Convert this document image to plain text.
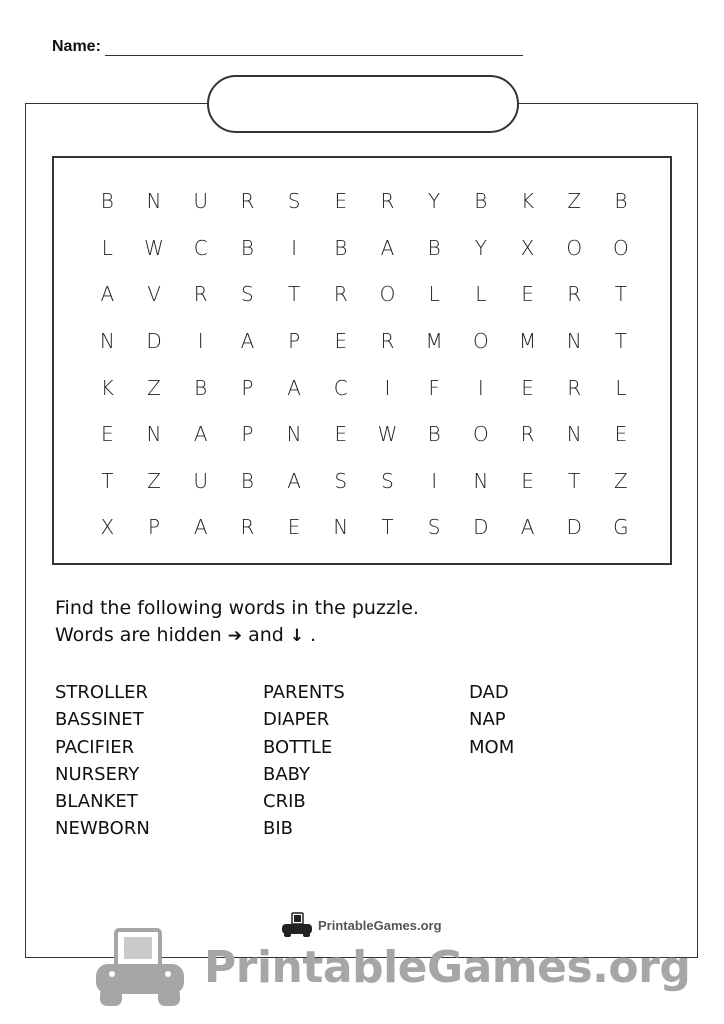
Name:
B	N	U	R	S	E	R	Y	B	K	Z	B
L	W	C	B	I	B	A	B	Y	X	O	O
A	V	R	S	T	R	O	L	L	E	R	T
N	D	I	A	P	E	R	M	O	M	N	T
K	Z	B	P	A	C	I	F	I	E	R	L
E	N	A	P	N	E	W	B	O	R	N	E
T	Z	U	B	A	S	S	I	N	E	T	Z
X	P	A	R	E	N	T	S	D	A	D	G
Find the following words in the puzzle.
Words are hidden ➔ and ↓ .
STROLLER
BASSINET
PACIFIER
NURSERY
BLANKET
NEWBORN
PARENTS
DIAPER
BOTTLE
BABY
CRIB
BIB
DAD
NAP
MOM
PrintableGames.org
PrintableGames.org
